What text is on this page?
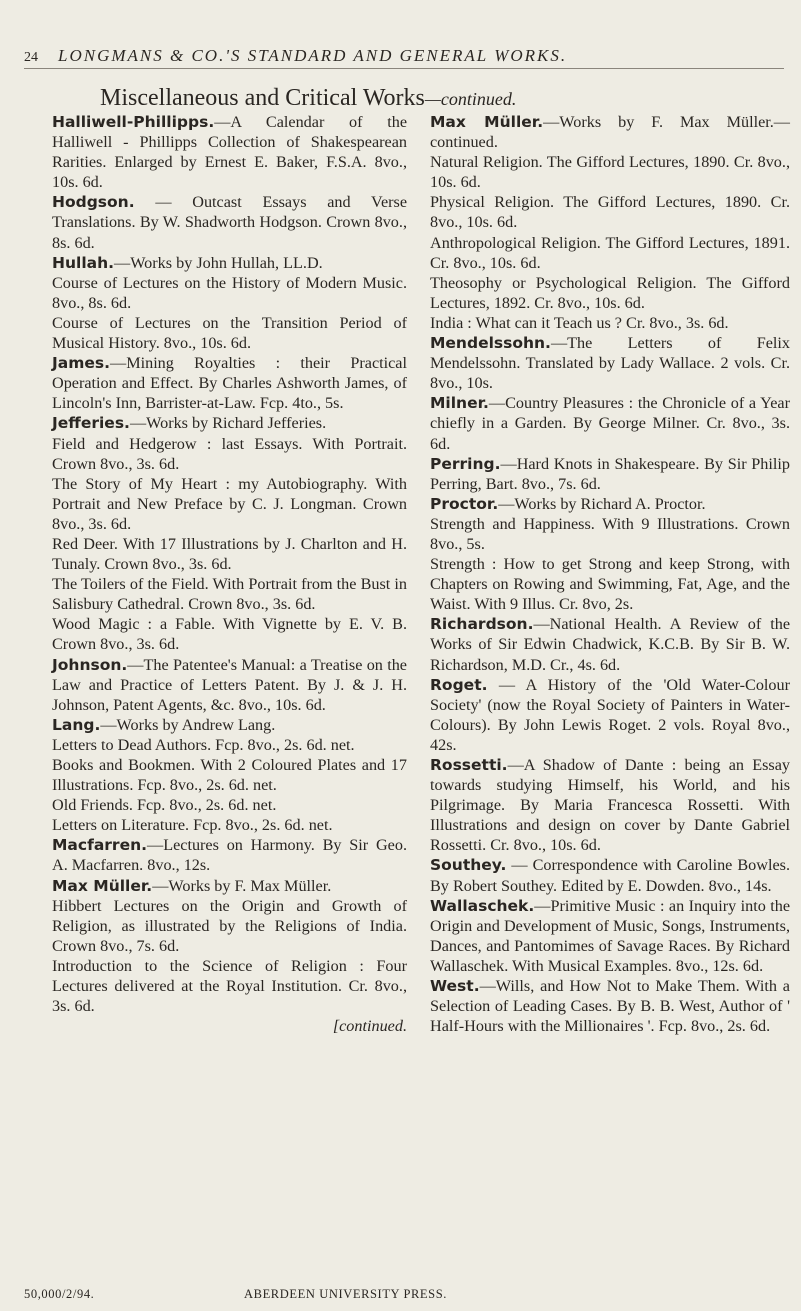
24 LONGMANS & CO.'S STANDARD AND GENERAL WORKS.
Miscellaneous and Critical Works—continued.

Halliwell-Phillipps.—A Calendar of the Halliwell - Phillipps Collection of Shakespearean Rarities. Enlarged by Ernest E. Baker, F.S.A. 8vo., 10s. 6d.

Hodgson. — Outcast Essays and Verse Translations. By W. Shadworth Hodgson. Crown 8vo., 8s. 6d.

Hullah.—Works by John Hullah, LL.D.

Course of Lectures on the History of Modern Music. 8vo., 8s. 6d.

Course of Lectures on the Transition Period of Musical History. 8vo., 10s. 6d.

James.—Mining Royalties : their Practical Operation and Effect. By Charles Ashworth James, of Lincoln's Inn, Barrister-at-Law. Fcp. 4to., 5s.

Jefferies.—Works by Richard Jefferies.

Field and Hedgerow : last Essays. With Portrait. Crown 8vo., 3s. 6d.

The Story of My Heart : my Autobiography. With Portrait and New Preface by C. J. Longman. Crown 8vo., 3s. 6d.

Red Deer. With 17 Illustrations by J. Charlton and H. Tunaly. Crown 8vo., 3s. 6d.

The Toilers of the Field. With Portrait from the Bust in Salisbury Cathedral. Crown 8vo., 3s. 6d.

Wood Magic : a Fable. With Vignette by E. V. B. Crown 8vo., 3s. 6d.

Johnson.—The Patentee's Manual: a Treatise on the Law and Practice of Letters Patent. By J. & J. H. Johnson, Patent Agents, &c. 8vo., 10s. 6d.

Lang.—Works by Andrew Lang.

Letters to Dead Authors. Fcp. 8vo., 2s. 6d. net.

Books and Bookmen. With 2 Coloured Plates and 17 Illustrations. Fcp. 8vo., 2s. 6d. net.

Old Friends. Fcp. 8vo., 2s. 6d. net.

Letters on Literature. Fcp. 8vo., 2s. 6d. net.

Macfarren.—Lectures on Harmony. By Sir Geo. A. Macfarren. 8vo., 12s.

Max Müller.—Works by F. Max Müller.

Hibbert Lectures on the Origin and Growth of Religion, as illustrated by the Religions of India. Crown 8vo., 7s. 6d.

Introduction to the Science of Religion : Four Lectures delivered at the Royal Institution. Cr. 8vo., 3s. 6d.

[continued.

Max Müller.—Works by F. Max Müller.—continued.

Natural Religion. The Gifford Lectures, 1890. Cr. 8vo., 10s. 6d.

Physical Religion. The Gifford Lectures, 1890. Cr. 8vo., 10s. 6d.

Anthropological Religion. The Gifford Lectures, 1891. Cr. 8vo., 10s. 6d.

Theosophy or Psychological Religion. The Gifford Lectures, 1892. Cr. 8vo., 10s. 6d.

India : What can it Teach us ? Cr. 8vo., 3s. 6d.

Mendelssohn.—The Letters of Felix Mendelssohn. Translated by Lady Wallace. 2 vols. Cr. 8vo., 10s.

Milner.—Country Pleasures : the Chronicle of a Year chiefly in a Garden. By George Milner. Cr. 8vo., 3s. 6d.

Perring.—Hard Knots in Shakespeare. By Sir Philip Perring, Bart. 8vo., 7s. 6d.

Proctor.—Works by Richard A. Proctor.

Strength and Happiness. With 9 Illustrations. Crown 8vo., 5s.

Strength : How to get Strong and keep Strong, with Chapters on Rowing and Swimming, Fat, Age, and the Waist. With 9 Illus. Cr. 8vo, 2s.

Richardson.—National Health. A Review of the Works of Sir Edwin Chadwick, K.C.B. By Sir B. W. Richardson, M.D. Cr., 4s. 6d.

Roget. — A History of the 'Old Water-Colour Society' (now the Royal Society of Painters in Water-Colours). By John Lewis Roget. 2 vols. Royal 8vo., 42s.

Rossetti.—A Shadow of Dante : being an Essay towards studying Himself, his World, and his Pilgrimage. By Maria Francesca Rossetti. With Illustrations and design on cover by Dante Gabriel Rossetti. Cr. 8vo., 10s. 6d.

Southey. — Correspondence with Caroline Bowles. By Robert Southey. Edited by E. Dowden. 8vo., 14s.

Wallaschek.—Primitive Music : an Inquiry into the Origin and Development of Music, Songs, Instruments, Dances, and Pantomimes of Savage Races. By Richard Wallaschek. With Musical Examples. 8vo., 12s. 6d.

West.—Wills, and How Not to Make Them. With a Selection of Leading Cases. By B. B. West, Author of ' Half-Hours with the Millionaires '. Fcp. 8vo., 2s. 6d.

50,000/2/94.	ABERDEEN UNIVERSITY PRESS.
